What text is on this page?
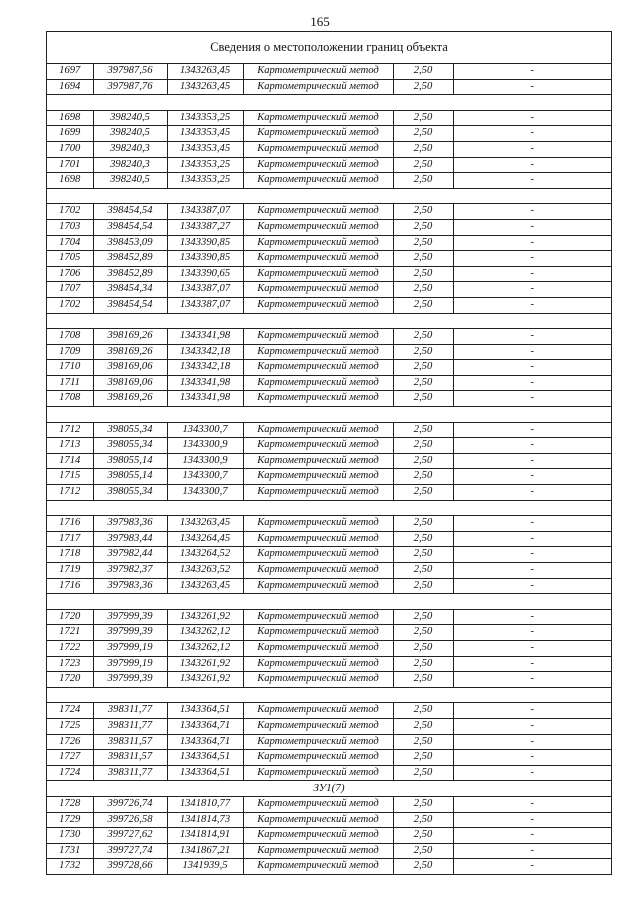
165
Сведения о местоположении границ объекта
1697	397987,56	1343263,45	Картометрический метод	2,50	-
1694	397987,76	1343263,45	Картометрический метод	2,50	-

1698	398240,5	1343353,25	Картометрический метод	2,50	-
1699	398240,5	1343353,45	Картометрический метод	2,50	-
1700	398240,3	1343353,45	Картометрический метод	2,50	-
1701	398240,3	1343353,25	Картометрический метод	2,50	-
1698	398240,5	1343353,25	Картометрический метод	2,50	-

1702	398454,54	1343387,07	Картометрический метод	2,50	-
1703	398454,54	1343387,27	Картометрический метод	2,50	-
1704	398453,09	1343390,85	Картометрический метод	2,50	-
1705	398452,89	1343390,85	Картометрический метод	2,50	-
1706	398452,89	1343390,65	Картометрический метод	2,50	-
1707	398454,34	1343387,07	Картометрический метод	2,50	-
1702	398454,54	1343387,07	Картометрический метод	2,50	-

1708	398169,26	1343341,98	Картометрический метод	2,50	-
1709	398169,26	1343342,18	Картометрический метод	2,50	-
1710	398169,06	1343342,18	Картометрический метод	2,50	-
1711	398169,06	1343341,98	Картометрический метод	2,50	-
1708	398169,26	1343341,98	Картометрический метод	2,50	-

1712	398055,34	1343300,7	Картометрический метод	2,50	-
1713	398055,34	1343300,9	Картометрический метод	2,50	-
1714	398055,14	1343300,9	Картометрический метод	2,50	-
1715	398055,14	1343300,7	Картометрический метод	2,50	-
1712	398055,34	1343300,7	Картометрический метод	2,50	-

1716	397983,36	1343263,45	Картометрический метод	2,50	-
1717	397983,44	1343264,45	Картометрический метод	2,50	-
1718	397982,44	1343264,52	Картометрический метод	2,50	-
1719	397982,37	1343263,52	Картометрический метод	2,50	-
1716	397983,36	1343263,45	Картометрический метод	2,50	-

1720	397999,39	1343261,92	Картометрический метод	2,50	-
1721	397999,39	1343262,12	Картометрический метод	2,50	-
1722	397999,19	1343262,12	Картометрический метод	2,50	-
1723	397999,19	1343261,92	Картометрический метод	2,50	-
1720	397999,39	1343261,92	Картометрический метод	2,50	-

1724	398311,77	1343364,51	Картометрический метод	2,50	-
1725	398311,77	1343364,71	Картометрический метод	2,50	-
1726	398311,57	1343364,71	Картометрический метод	2,50	-
1727	398311,57	1343364,51	Картометрический метод	2,50	-
1724	398311,77	1343364,51	Картометрический метод	2,50	-
ЗУ1(7)					
1728	399726,74	1341810,77	Картометрический метод	2,50	-
1729	399726,58	1341814,73	Картометрический метод	2,50	-
1730	399727,62	1341814,91	Картометрический метод	2,50	-
1731	399727,74	1341867,21	Картометрический метод	2,50	-
1732	399728,66	1341939,5	Картометрический метод	2,50	-
